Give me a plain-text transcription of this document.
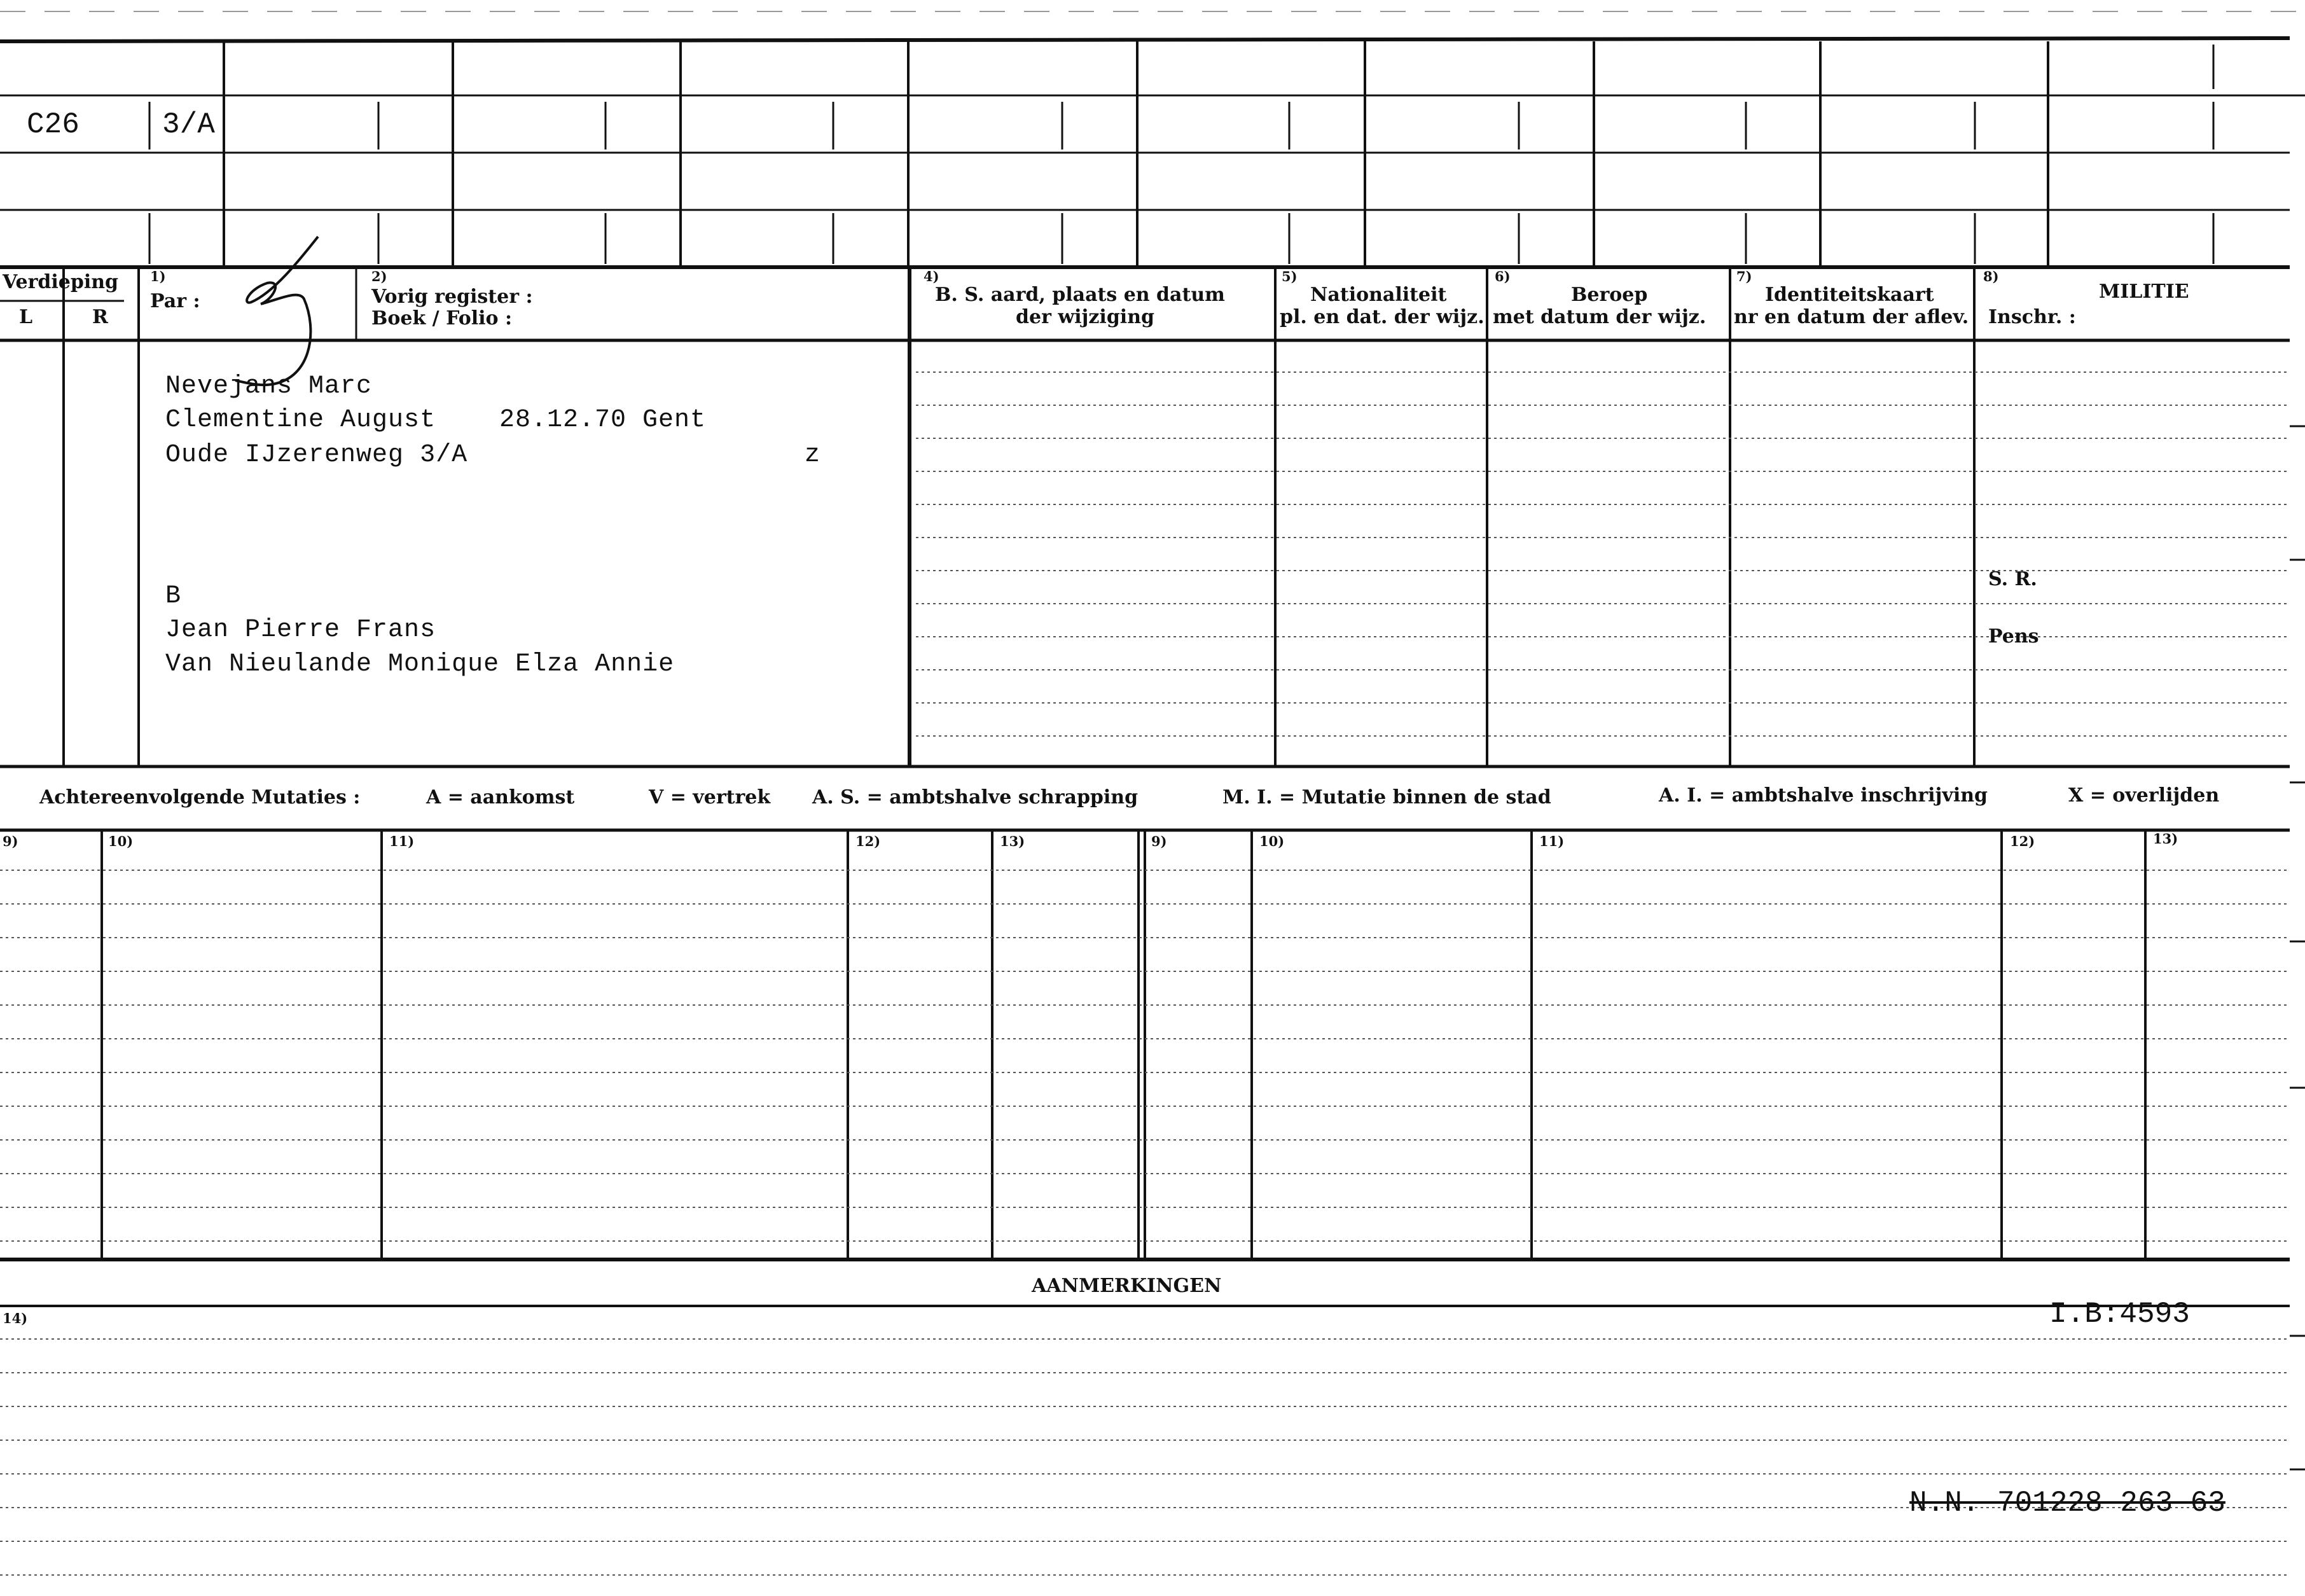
C26	3/A
Verdieping
L	R
1)
Par :
2)
Vorig register :
Boek / Folio :
4)
B. S. aard, plaats en datum
der wijziging
5)
Nationaliteit
pl. en dat. der wijz.
6)
Beroep
met datum der wijz.
7)
Identiteitskaart
nr en datum der aflev.
8)
MILITIE
Inschr. :
Nevejans Marc
Clementine August 28.12.70 Gent
Oude IJzerenweg 3/A	z
B
Jean Pierre Frans
Van Nieulande Monique Elza Annie
S. R.
Pens
Achtereenvolgende Mutaties :	A = aankomst	V = vertrek A. S. = ambtshalve schrapping	M. I. = Mutatie binnen de stad	A. I. = ambtshalve inschrijving	X = overlijden
9)	10)	11)	12)	13)	9)	10)	11)	12)	13)
AANMERKINGEN
14)	I.B:4593
N.N. 701228 263 63
